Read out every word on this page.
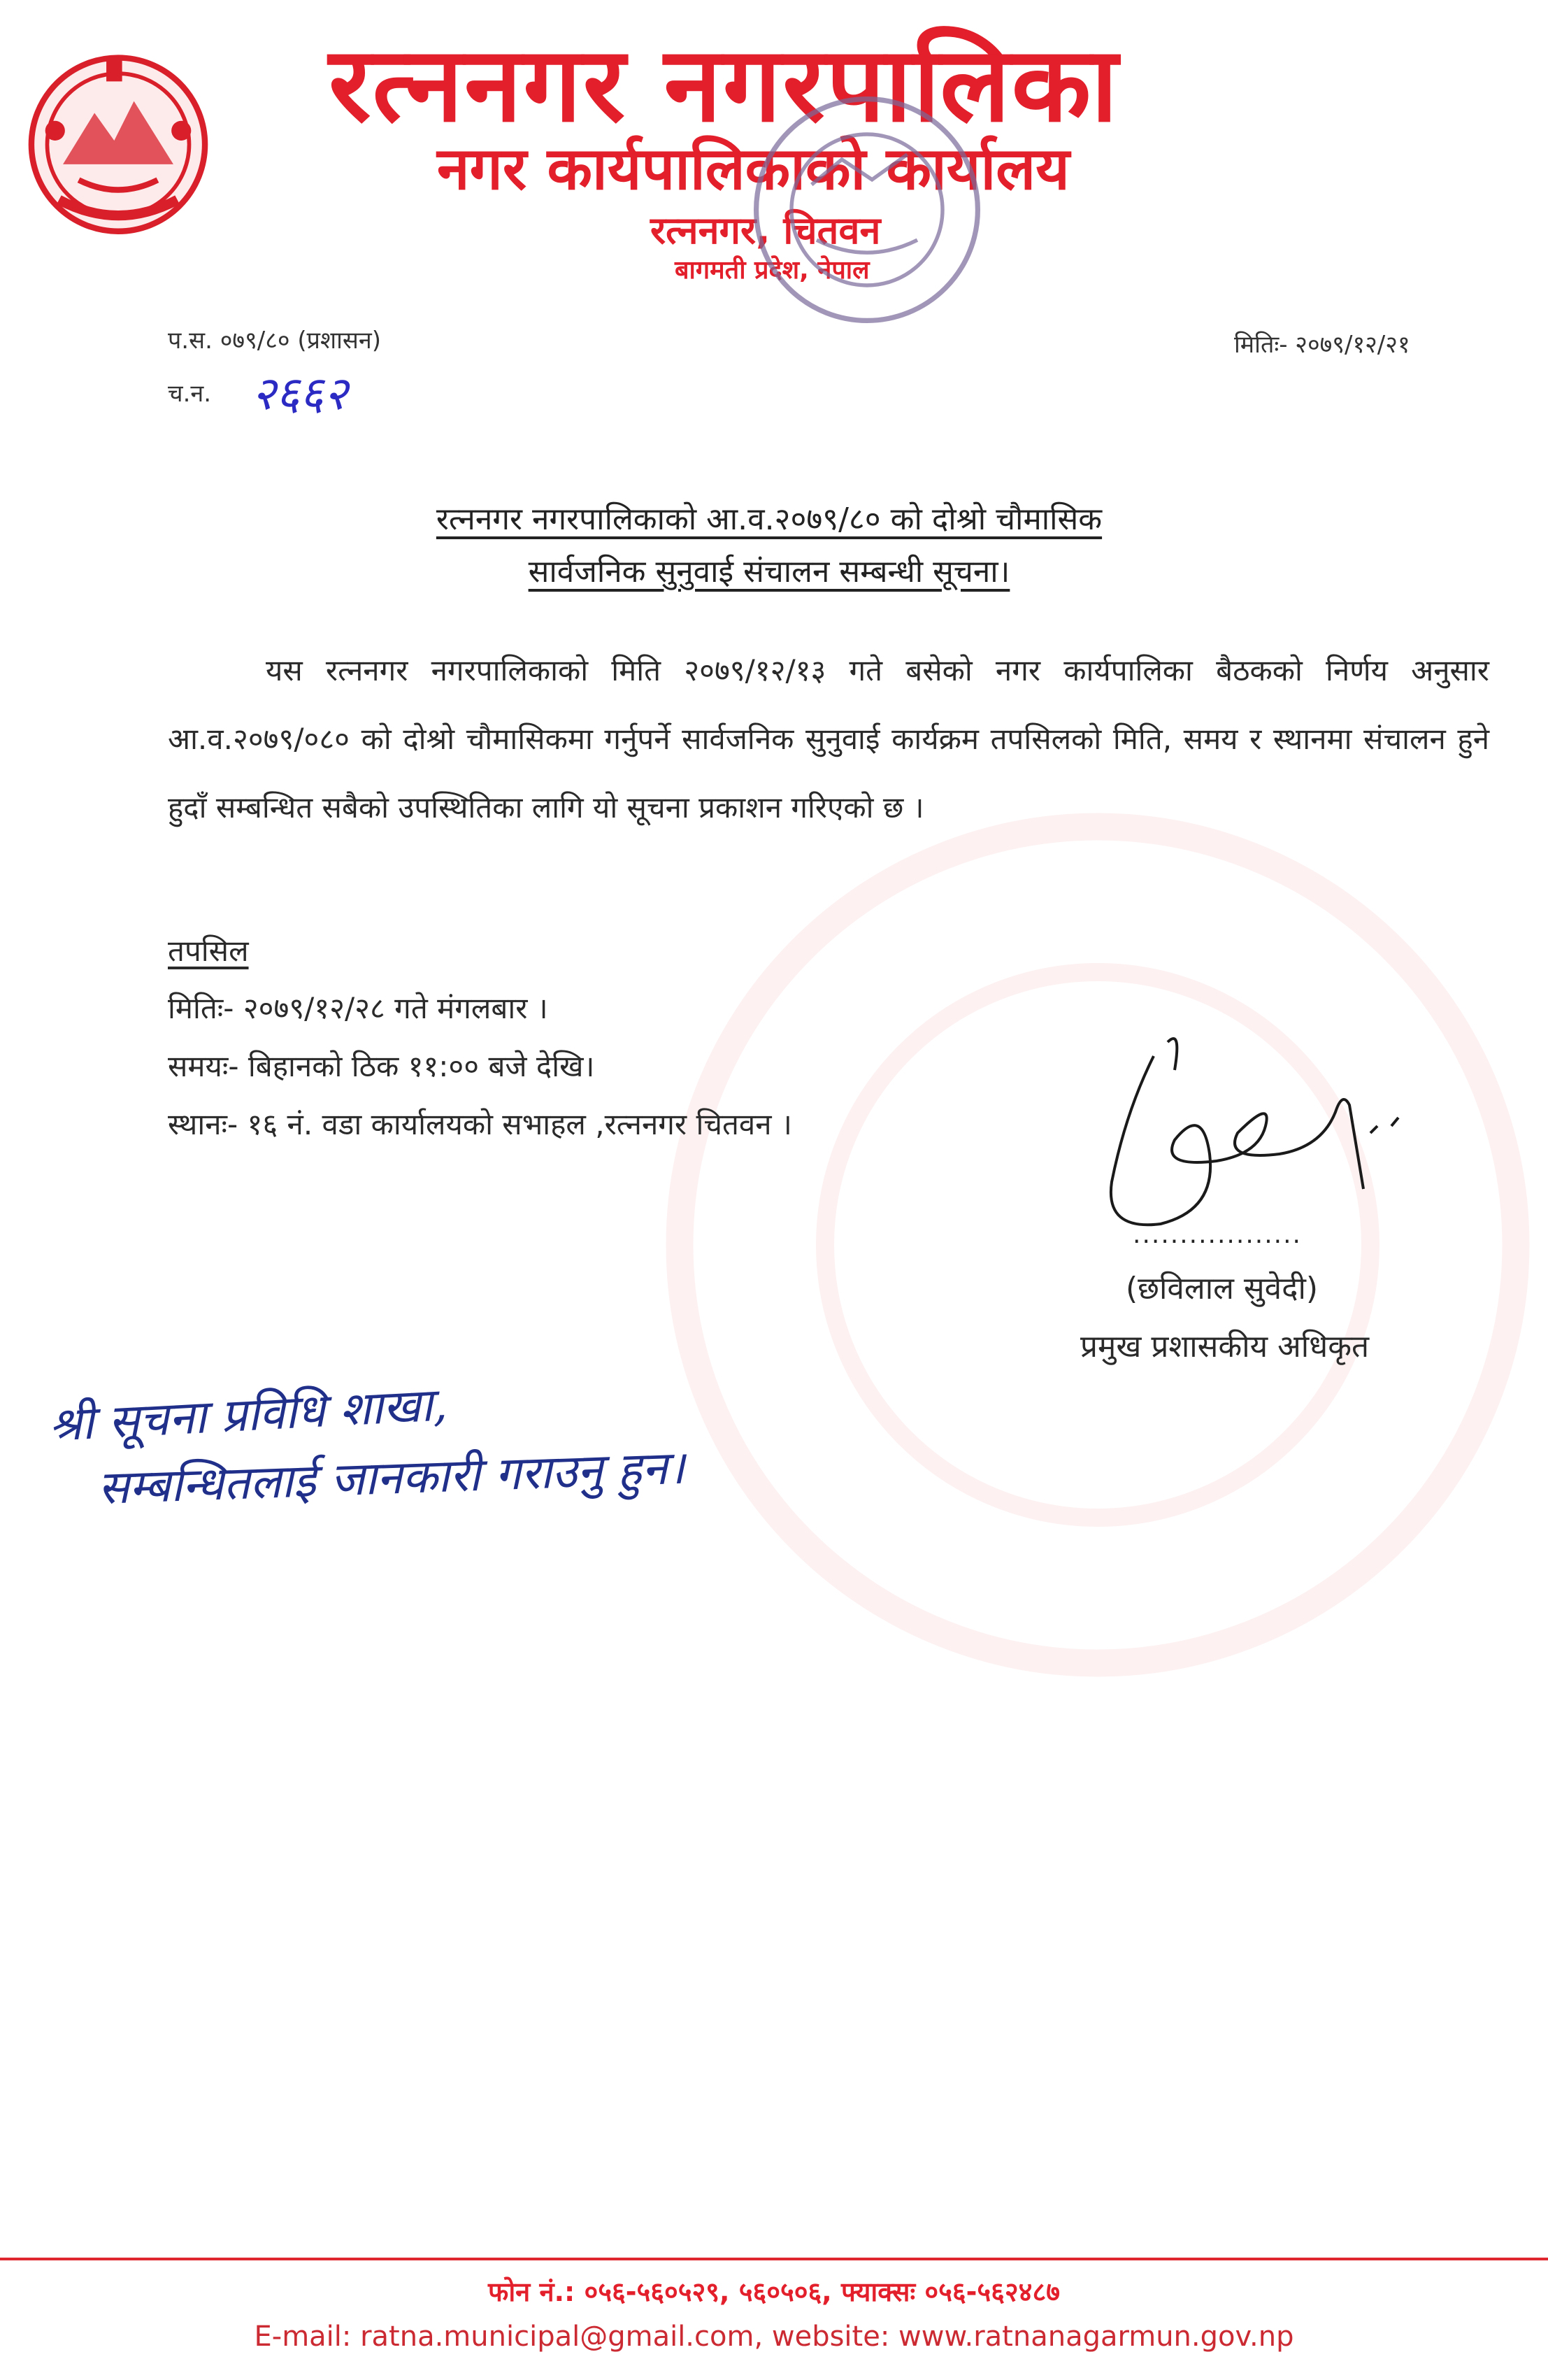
रत्ननगर नगरपालिका
नगर कार्यपालिकाको कार्यालय
रत्ननगर, चितवन
बागमती प्रदेश, नेपाल
प.स. ०७९/८० (प्रशासन)
च.न. २६६२
मितिः- २०७९/१२/२१
रत्ननगर नगरपालिकाको आ.व.२०७९/८० को दोश्रो चौमासिक
सार्वजनिक सुनुवाई संचालन सम्बन्धी सूचना।
यस रत्ननगर नगरपालिकाको मिति २०७९/१२/१३ गते बसेको नगर कार्यपालिका बैठकको निर्णय अनुसार आ.व.२०७९/०८० को दोश्रो चौमासिकमा गर्नुपर्ने सार्वजनिक सुनुवाई कार्यक्रम तपसिलको मिति, समय र स्थानमा संचालन हुने हुदाँ सम्बन्धित सबैको उपस्थितिका लागि यो सूचना प्रकाशन गरिएको छ ।
तपसिल
मितिः- २०७९/१२/२८ गते मंगलबार ।
समयः- बिहानको ठिक ११:०० बजे देखि।
स्थानः- १६ नं. वडा कार्यालयको सभाहल ,रत्ननगर चितवन ।
..................
(छविलाल सुवेदी)
प्रमुख प्रशासकीय अधिकृत
श्री सूचना प्रविधि शाखा,
सम्बन्धितलाई जानकारी गराउनु हुन।
फोन नं.: ०५६-५६०५२९, ५६०५०६, फ्याक्सः ०५६-५६२४८७
E-mail: ratna.municipal@gmail.com, website: www.ratnanagarmun.gov.np
